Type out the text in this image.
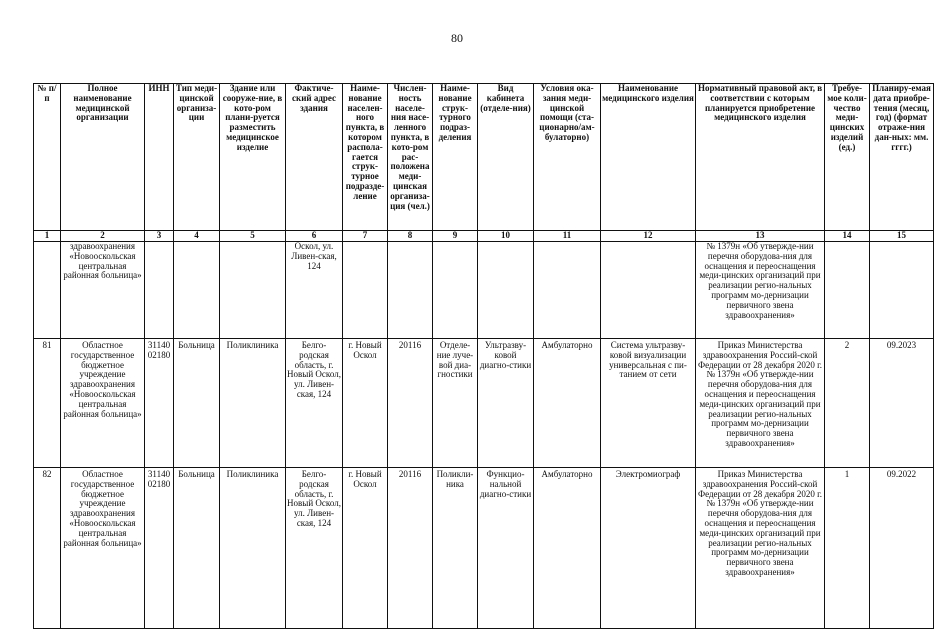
80
№ п/п	Полное наименование медицинской организации	ИНН	Тип меди-цинской организа-ции	Здание или сооруже-ние, в кото-ром плани-руется разместить медицинское изделие	Фактиче-ский адрес здания	Наиме-нование населен-ного пункта, в котором распола-гается струк-турное подразде-ление	Числен-ность населе-ния насе-ленного пункта, в кото-ром рас-положена меди-цинская организа-ция (чел.)	Наиме-нование струк-турного подраз-деления	Вид кабинета (отделе-ния)	Условия ока-зания меди-цинской помощи (ста-ционарно/ам-булаторно)	Наименование медицинского изделия	Нормативный правовой акт, в соответствии с которым планируется приобретение медицинского изделия	Требуе-мое коли-чество меди-цинских изделий (ед.)	Планиру-емая дата приобре-тения (месяц, год) (формат отраже-ния дан-ных: мм. гггг.)
1	2	3	4	5	6	7	8	9	10	11	12	13	14	15
	здравоохранения «Новооскольская центральная районная больница»				Оскол, ул. Ливен-ская, 124							№ 1379н «Об утверждe-нии перечня оборудова-ния для оснащения и переоснащения меди-цинских организаций при реализации регио-нальных программ мо-дернизации первичного звена здравоохранения»		
81	Областное государственное бюджетное учреждение здравоохранения «Новооскольская центральная районная больница»	31140 02180	Больница	Поликлиника	Белго-родская область, г. Новый Оскол, ул. Ливен-ская, 124	г. Новый Оскол	20116	Отделе-ние луче-вой диа-гностики	Ультразву-ковой диагно-стики	Амбулаторно	Система ультразву-ковой визуализации универсальная с пи-танием от сети	Приказ Министерства здравоохранения Россий-ской Федерации от 28 декабря 2020 г. № 1379н «Об утвержде-нии перечня оборудова-ния для оснащения и переоснащения меди-цинских организаций при реализации регио-нальных программ мо-дернизации первичного звена здравоохранения»	2	09.2023
82	Областное государственное бюджетное учреждение здравоохранения «Новооскольская центральная районная больница»	31140 02180	Больница	Поликлиника	Белго-родская область, г. Новый Оскол, ул. Ливен-ская, 124	г. Новый Оскол	20116	Поликли-ника	Функцио-нальной диагно-стики	Амбулаторно	Электромиограф	Приказ Министерства здравоохранения Россий-ской Федерации от 28 декабря 2020 г. № 1379н «Об утвержде-нии перечня оборудова-ния для оснащения и переоснащения меди-цинских организаций при реализации регио-нальных программ мо-дернизации первичного звена здравоохранения»	1	09.2022
